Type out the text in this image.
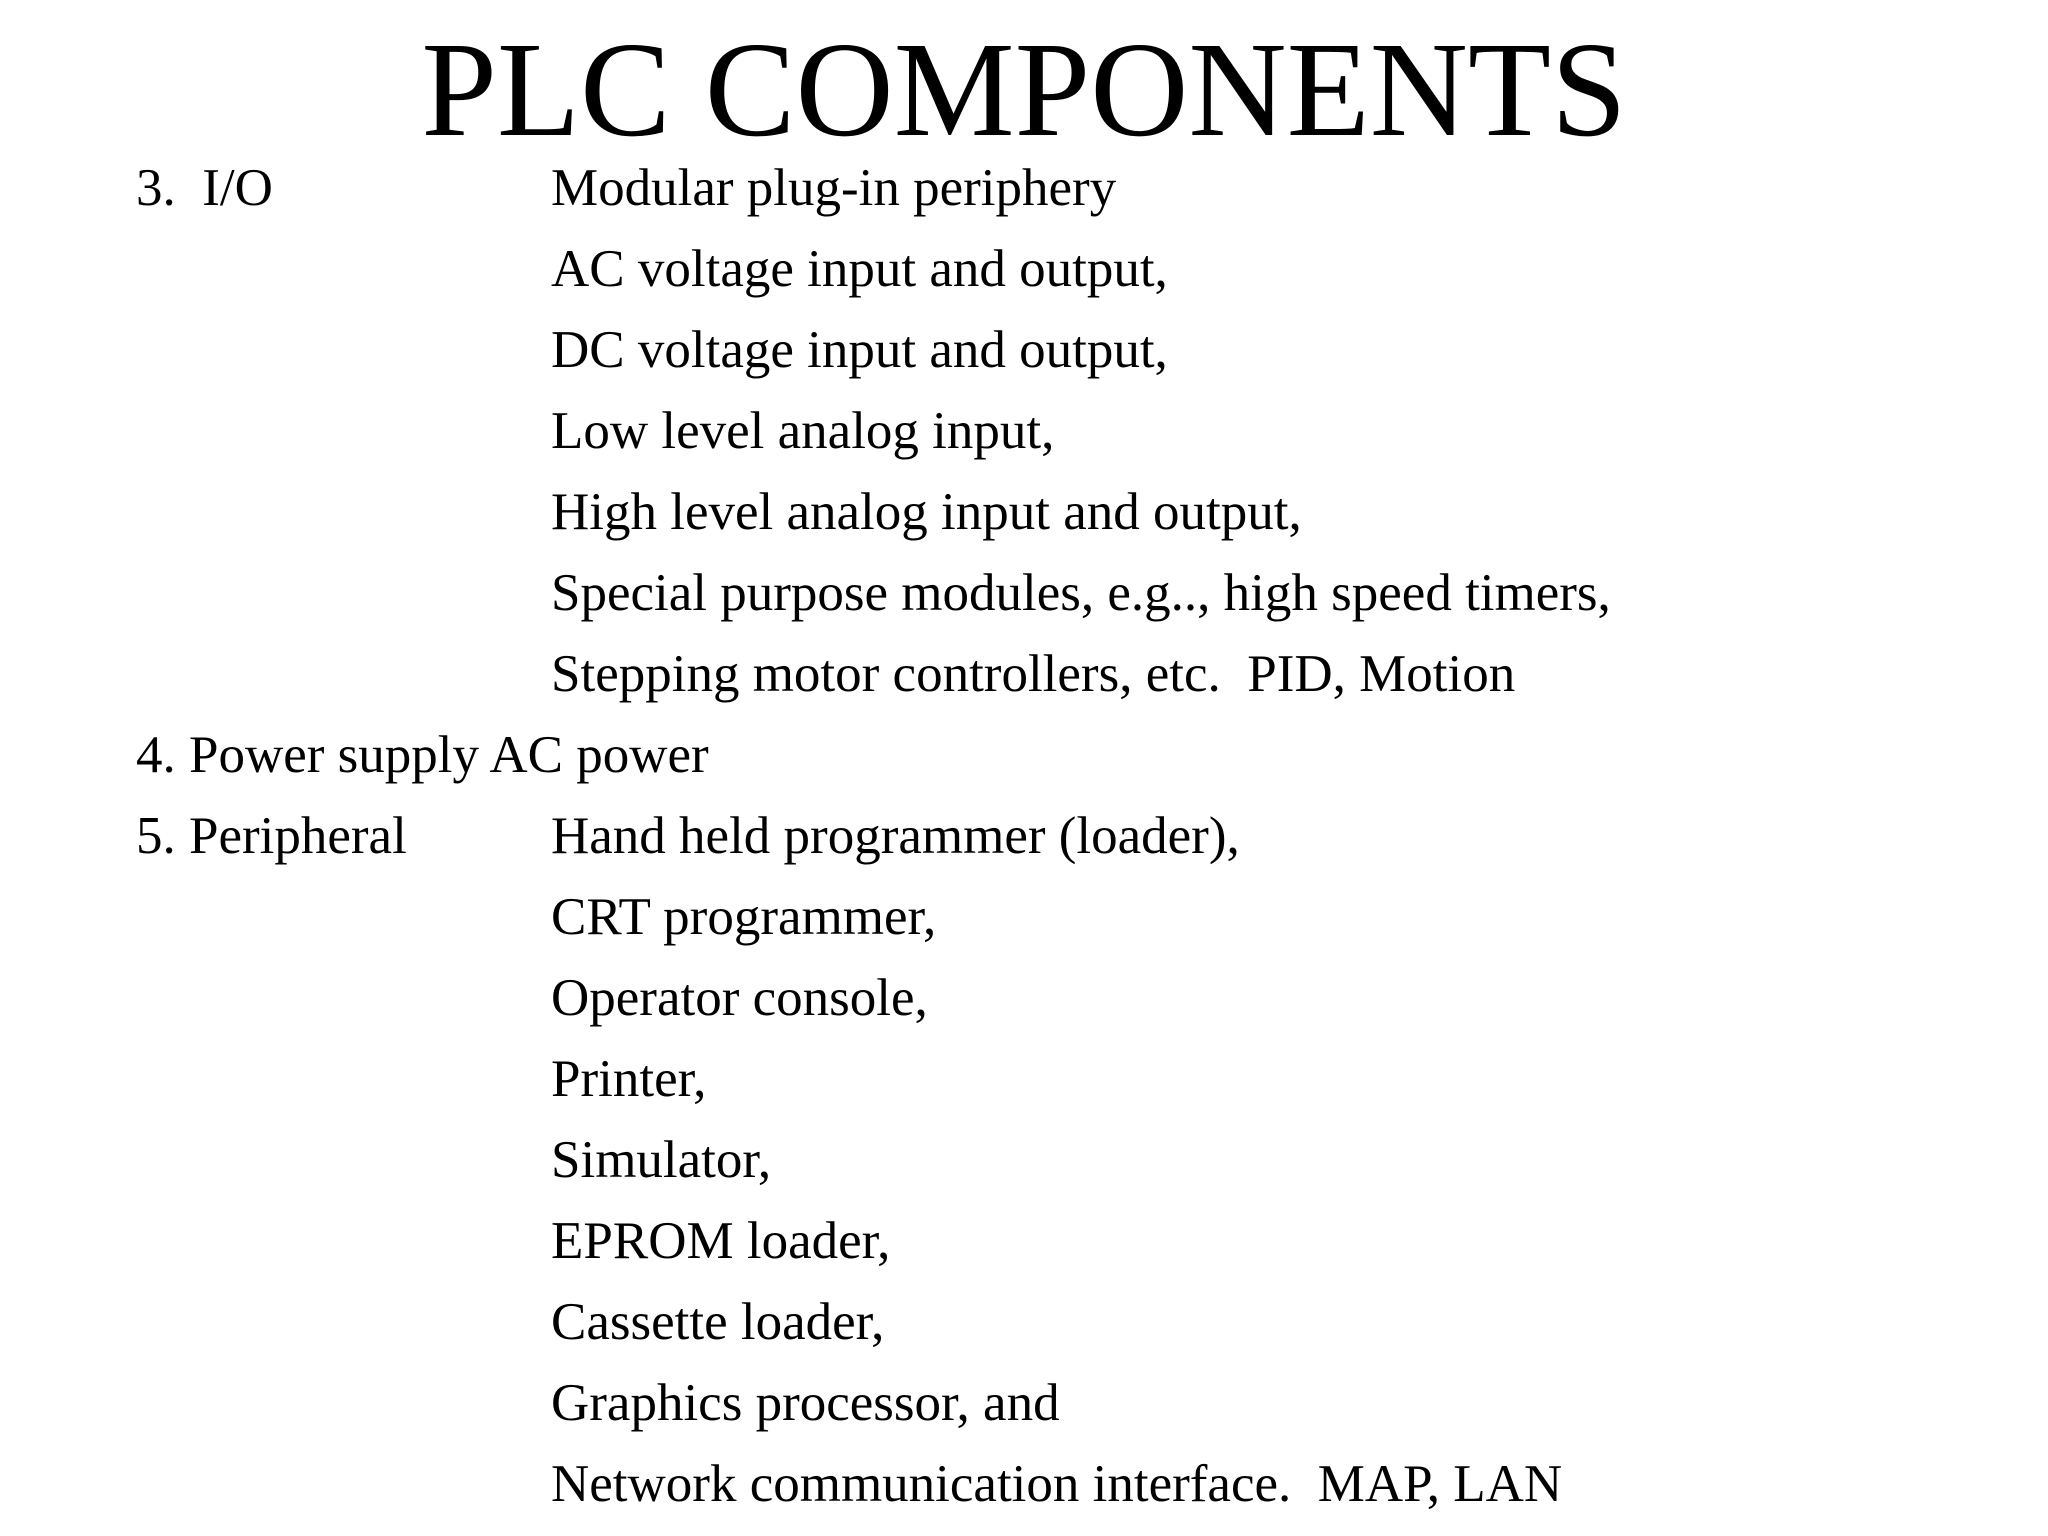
PLC COMPONENTS
3.  I/O	Modular plug-in periphery
AC voltage input and output,
DC voltage input and output,
Low level analog input,
High level analog input and output,
Special purpose modules, e.g.., high speed timers,
Stepping motor controllers, etc.  PID, Motion
4. Power supply AC power
5. Peripheral	Hand held programmer (loader),
CRT programmer,
Operator console,
Printer,
Simulator,
EPROM loader,
Cassette loader,
Graphics processor, and
Network communication interface.  MAP, LAN
